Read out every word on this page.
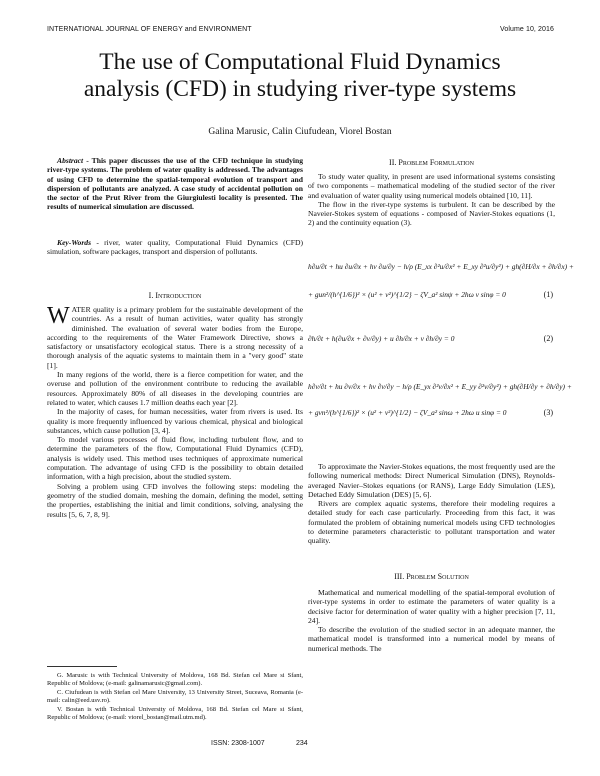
INTERNATIONAL JOURNAL OF ENERGY and ENVIRONMENT	Volume 10, 2016
The use of Computational Fluid Dynamics
analysis (CFD) in studying river-type systems
Galina Marusic, Calin Ciufudean, Viorel Bostan

Abstract - This paper discusses the use of the CFD technique in studying river-type systems. The problem of water quality is addressed. The advantages of using CFD to determine the spatial-temporal evolution of transport and dispersion of pollutants are analyzed. A case study of accidental pollution on the sector of the Prut River from the Giurgiulesti locality is presented. The results of numerical simulation are discussed.

Key-Words - river, water quality, Computational Fluid Dynamics (CFD) simulation, software packages, transport and dispersion of pollutants.

I. Introduction

WATER quality is a primary problem for the sustainable development of the countries. As a result of human activities, water quality has strongly diminished. The evaluation of several water bodies from the Europe, according to the requirements of the Water Framework Directive, shows a satisfactory or unsatisfactory ecological status. There is a strong necessity of a thorough analysis of the aquatic systems to maintain them in a "very good" state [1].

In many regions of the world, there is a fierce competition for water, and the overuse and pollution of the environment contribute to reducing the available resources. Approximately 80% of all diseases in the developing countries are related to water, which causes 1.7 million deaths each year [2].

In the majority of cases, for human necessities, water from rivers is used. Its quality is more frequently influenced by various chemical, physical and biological substances, which cause pollution [3, 4].

To model various processes of fluid flow, including turbulent flow, and to determine the parameters of the flow, Computational Fluid Dynamics (CFD), analysis is widely used. This method uses techniques of approximate numerical computation. The advantage of using CFD is the possibility to obtain detailed information, with a high precision, about the studied system.

Solving a problem using CFD involves the following steps: modeling the geometry of the studied domain, meshing the domain, defining the model, setting the properties, establishing the initial and limit conditions, solving, analysing the results [5, 6, 7, 8, 9].

G. Marusic is with Technical University of Moldova, 168 Bd. Stefan cel Mare si Sfant, Republic of Moldova; (e-mail: galinamarusic@gmail.com).

C. Ciufudean is with Stefan cel Mare University, 13 University Street, Suceava, Romania (e-mail: calin@eed.usv.ro).

V. Bostan is with Technical University of Moldova, 168 Bd. Stefan cel Mare si Sfant, Republic of Moldova; (e-mail: viorel_bostan@mail.utm.md).

II. Problem Formulation

To study water quality, in present are used informational systems consisting of two components – mathematical modeling of the studied sector of the river and evaluation of water quality using numerical models obtained [10, 11].

The flow in the river-type systems is turbulent. It can be described by the Naveier-Stokes system of equations - composed of Navier-Stokes equations (1, 2) and the continuity equation (3).

h∂u/∂t + hu ∂u/∂x + hv ∂u/∂y − h/ρ (E_xx ∂²u/∂x² + E_xy ∂²u/∂y²) + gh(∂H/∂x + ∂h/∂x) +
+ gun²/(h^{1/6})² × (u² + v²)^{1/2} − ζV_a² sinψ + 2hω v sinφ = 0	(1)
∂h/∂t + h(∂u/∂x + ∂v/∂y) + u ∂h/∂x + v ∂h/∂y = 0	(2)
h∂v/∂t + hu ∂v/∂x + hv ∂v/∂y − h/ρ (E_yx ∂²v/∂x² + E_yy ∂²v/∂y²) + gh(∂H/∂y + ∂h/∂y) +
+ gvn²/(h^{1/6})² × (u² + v²)^{1/2} − ζV_a² sinω + 2hω u sinφ = 0	(3)

To approximate the Navier-Stokes equations, the most frequently used are the following numerical methods: Direct Numerical Simulation (DNS), Reynolds-averaged Navier–Stokes equations (or RANS), Large Eddy Simulation (LES), Detached Eddy Simulation (DES) [5, 6].

Rivers are complex aquatic systems, therefore their modeling requires a detailed study for each case particularly. Proceeding from this fact, it was formulated the problem of obtaining numerical models using CFD technologies to determine parameters characteristic to pollutant transportation and water quality.

III. Problem Solution

Mathematical and numerical modelling of the spatial-temporal evolution of river-type systems in order to estimate the parameters of water quality is a decisive factor for determination of water quality with a higher precision [7, 11, 24].

To describe the evolution of the studied sector in an adequate manner, the mathematical model is transformed into a numerical model by means of numerical methods. The

ISSN: 2308-1007	234
